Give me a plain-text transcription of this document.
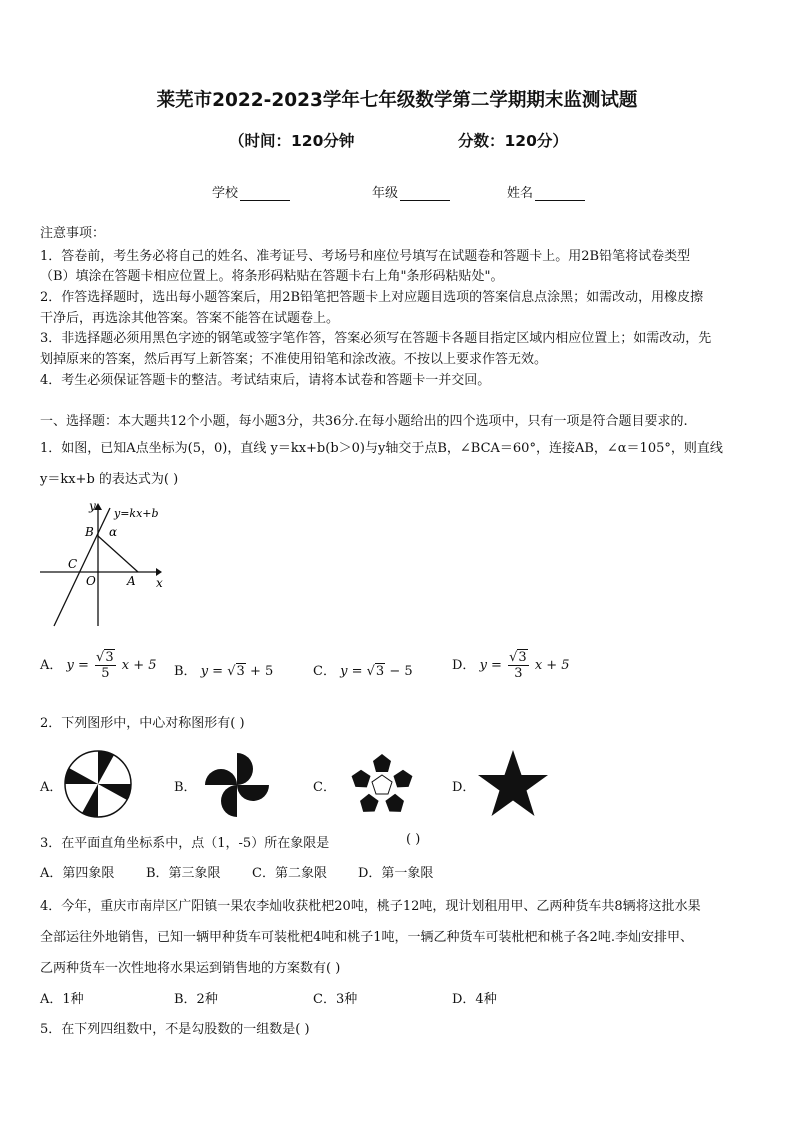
莱芜市2022-2023学年七年级数学第二学期期末监测试题
（时间：120分钟	分数：120分）
学校	年级	姓名
注意事项：
1．答卷前，考生务必将自己的姓名、准考证号、考场号和座位号填写在试题卷和答题卡上。用2B铅笔将试卷类型
（B）填涂在答题卡相应位置上。将条形码粘贴在答题卡右上角"条形码粘贴处"。
2．作答选择题时，选出每小题答案后，用2B铅笔把答题卡上对应题目选项的答案信息点涂黑；如需改动，用橡皮擦
干净后，再选涂其他答案。答案不能答在试题卷上。
3．非选择题必须用黑色字迹的钢笔或签字笔作答，答案必须写在答题卡各题目指定区域内相应位置上；如需改动，先
划掉原来的答案，然后再写上新答案；不准使用铅笔和涂改液。不按以上要求作答无效。
4．考生必须保证答题卡的整洁。考试结束后，请将本试卷和答题卡一并交回。
一、选择题：本大题共12个小题，每小题3分，共36分.在每小题给出的四个选项中，只有一项是符合题目要求的.
1．如图，已知A点坐标为(5，0)，直线 y＝kx+b(b＞0)与y轴交于点B，∠BCA＝60°，连接AB，∠α＝105°，则直线
y＝kx+b 的表达式为( )
y
x
B
C
O	A
α
y=kx+b
A． $y = \frac{√3}{5}$ x + 5 B． y = √3 + 5	C． y = √3 − 5	D． $y = \frac{√3}{3}$ x + 5
2．下列图形中，中心对称图形有( )
A．	B．	C．	D．
3．在平面直角坐标系中，点（1，-5）所在象限是	( )
A．第四象限 B．第三象限 C．第二象限 D．第一象限
4．今年，重庆市南岸区广阳镇一果农李灿收获枇杷20吨，桃子12吨，现计划租用甲、乙两种货车共8辆将这批水果
全部运往外地销售，已知一辆甲种货车可装枇杷4吨和桃子1吨，一辆乙种货车可装枇杷和桃子各2吨.李灿安排甲、
乙两种货车一次性地将水果运到销售地的方案数有( )
A．1种	B．2种	C．3种	D．4种
5．在下列四组数中，不是勾股数的一组数是( )
